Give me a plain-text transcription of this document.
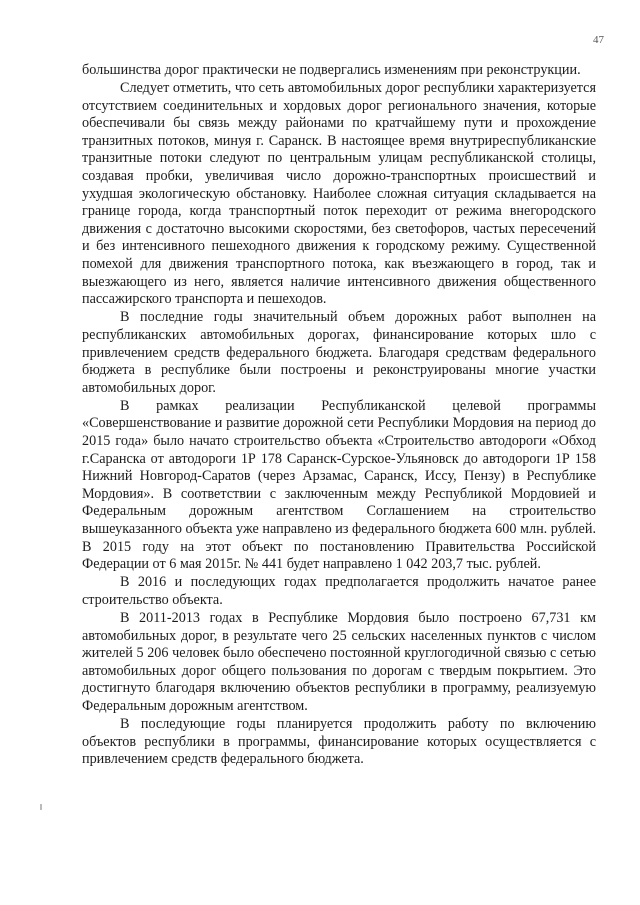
47

большинства дорог практически не подвергались изменениям при реконструкции.

Следует отметить, что сеть автомобильных дорог республики характеризуется отсутствием соединительных и хордовых дорог регионального значения, которые обеспечивали бы связь между районами по кратчайшему пути и прохождение транзитных потоков, минуя г. Саранск. В настоящее время внутриреспубликанские транзитные потоки следуют по центральным улицам республиканской столицы, создавая пробки, увеличивая число дорожно-транспортных происшествий и ухудшая экологическую обстановку. Наиболее сложная ситуация складывается на границе города, когда транспортный поток переходит от режима внегородского движения с достаточно высокими скоростями, без светофоров, частых пересечений и без интенсивного пешеходного движения к городскому режиму. Существенной помехой для движения транспортного потока, как въезжающего в город, так и выезжающего из него, является наличие интенсивного движения общественного пассажирского транспорта и пешеходов.

В последние годы значительный объем дорожных работ выполнен на республиканских автомобильных дорогах, финансирование которых шло с привлечением средств федерального бюджета. Благодаря средствам федерального бюджета в республике были построены и реконструированы многие участки автомобильных дорог.

В рамках реализации Республиканской целевой программы «Совершенствование и развитие дорожной сети Республики Мордовия на период до 2015 года» было начато строительство объекта «Строительство автодороги «Обход г.Саранска от автодороги 1Р 178 Саранск-Сурское-Ульяновск до автодороги 1Р 158 Нижний Новгород-Саратов (через Арзамас, Саранск, Иссу, Пензу) в Республике Мордовия». В соответствии с заключенным между Республикой Мордовией и Федеральным дорожным агентством Соглашением на строительство вышеуказанного объекта уже направлено из федерального бюджета 600 млн. рублей. В 2015 году на этот объект по постановлению Правительства Российской Федерации от 6 мая 2015г. № 441 будет направлено 1 042 203,7 тыс. рублей.

В 2016 и последующих годах предполагается продолжить начатое ранее строительство объекта.

В 2011-2013 годах в Республике Мордовия было построено 67,731 км автомобильных дорог, в результате чего 25 сельских населенных пунктов с числом жителей 5 206 человек было обеспечено постоянной круглогодичной связью с сетью автомобильных дорог общего пользования по дорогам с твердым покрытием. Это достигнуто благодаря включению объектов республики в программу, реализуемую Федеральным дорожным агентством.

В последующие годы планируется продолжить работу по включению объектов республики в программы, финансирование которых осуществляется с привлечением средств федерального бюджета.
